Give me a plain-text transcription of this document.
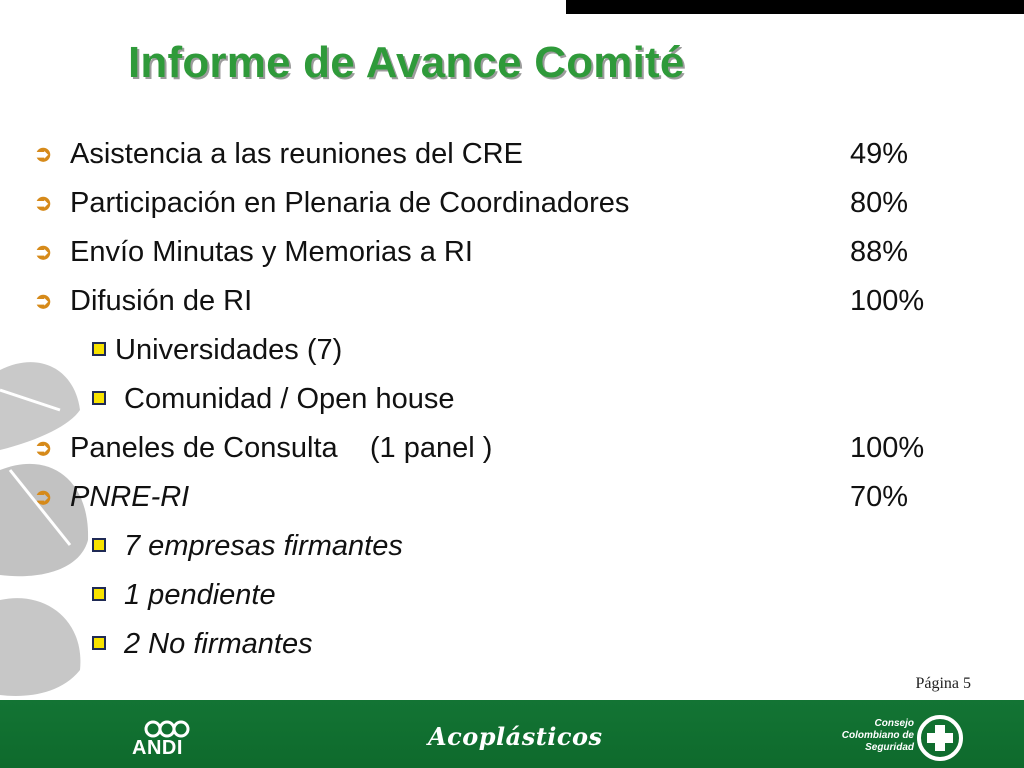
Informe de Avance Comité
➲ Asistencia a las reuniones del CRE	49%
➲ Participación en Plenaria de Coordinadores	80%
➲ Envío Minutas y Memorias a RI	88%
➲ Difusión de RI	100%
Universidades (7)
Comunidad / Open house
➲ Paneles de Consulta    (1 panel )	100%
➲ PNRE-RI	70%
7 empresas firmantes
1 pendiente
2 No firmantes
Página 5
ANDI	Acoplásticos	Consejo
Colombiano de
Seguridad
